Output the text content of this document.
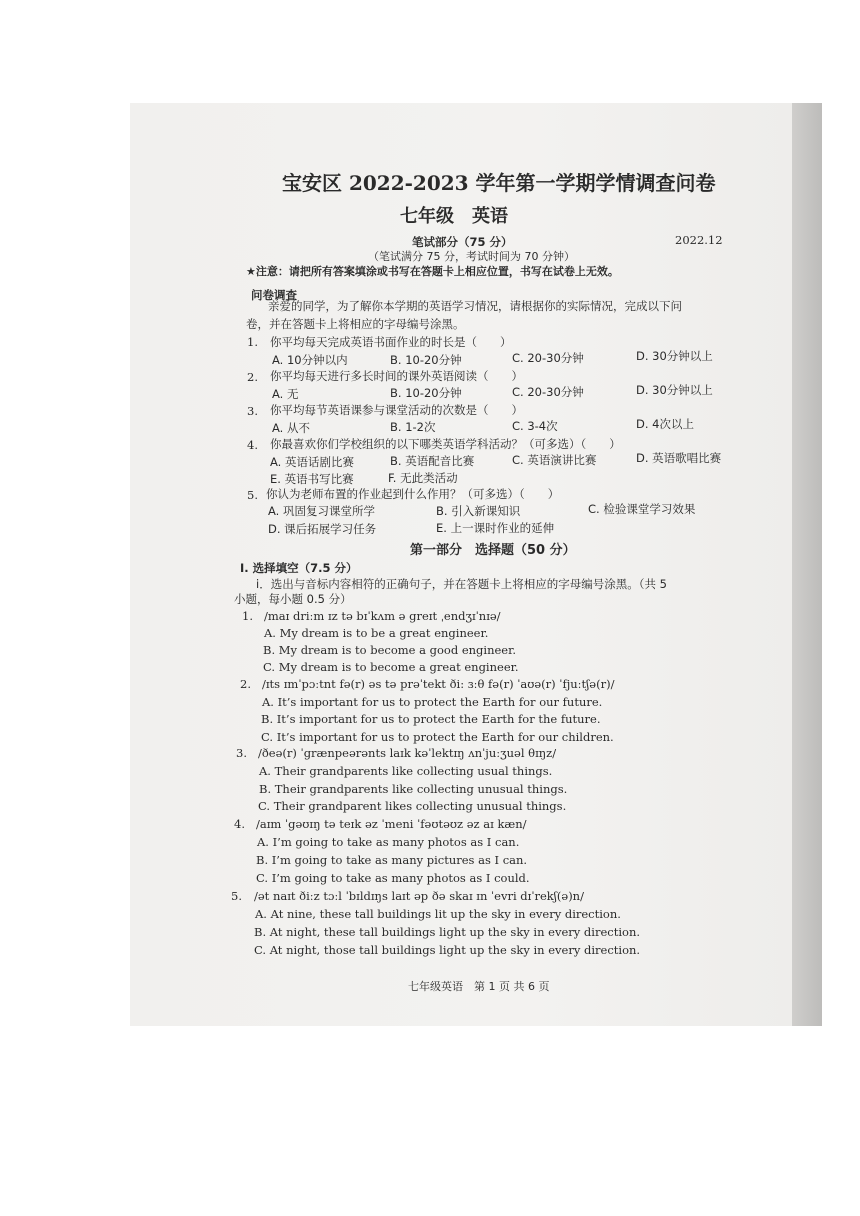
宝安区 2022-2023 学年第一学期学情调查问卷
七年级　英语
笔试部分（75 分）	2022.12
（笔试满分 75 分，考试时间为 70 分钟）
★注意：请把所有答案填涂或书写在答题卡上相应位置，书写在试卷上无效。
问卷调查
亲爱的同学，为了解你本学期的英语学习情况，请根据你的实际情况，完成以下问
卷，并在答题卡上将相应的字母编号涂黑。
1. 你平均每天完成英语书面作业的时长是（　　）
A. 10分钟以内	B. 10-20分钟	C. 20-30分钟	D. 30分钟以上
2. 你平均每天进行多长时间的课外英语阅读（　　）
A. 无	B. 10-20分钟	C. 20-30分钟	D. 30分钟以上
3. 你平均每节英语课参与课堂活动的次数是（　　）
A. 从不	B. 1-2次	C. 3-4次	D. 4次以上
4. 你最喜欢你们学校组织的以下哪类英语学科活动？（可多选）（　　）
A. 英语话剧比赛	B. 英语配音比赛	C. 英语演讲比赛	D. 英语歌唱比赛
E. 英语书写比赛	F. 无此类活动
5. 你认为老师布置的作业起到什么作用？（可多选）（　　）
A. 巩固复习课堂所学	B. 引入新课知识	C. 检验课堂学习效果
D. 课后拓展学习任务	E. 上一课时作业的延伸
第一部分　选择题（50 分）
I. 选择填空（7.5 分）
i．选出与音标内容相符的正确句子，并在答题卡上将相应的字母编号涂黑。（共 5
小题，每小题 0.5 分）
1. /maɪ driːm ɪz tə bɪˈkʌm ə greɪt ˌendʒɪˈnɪə/
A. My dream is to be a great engineer.
B. My dream is to become a good engineer.
C. My dream is to become a great engineer.
2. /ɪts ɪmˈpɔːtnt fə(r) əs tə prəˈtekt ði: ɜːθ fə(r) ˈaʊə(r) ˈfjuːtʃə(r)/
A. It’s important for us to protect the Earth for our future.
B. It’s important for us to protect the Earth for the future.
C. It’s important for us to protect the Earth for our children.
3. /ðeə(r) ˈgrænpeərənts laɪk kəˈlektɪŋ ʌnˈjuːʒuəl θɪŋz/
A. Their grandparents like collecting usual things.
B. Their grandparents like collecting unusual things.
C. Their grandparent likes collecting unusual things.
4. /aɪm ˈgəʊɪŋ tə teɪk əz ˈmeni ˈfəʊtəʊz əz aɪ kæn/
A. I’m going to take as many photos as I can.
B. I’m going to take as many pictures as I can.
C. I’m going to take as many photos as I could.
5. /ət naɪt ðiːz tɔːl ˈbɪldɪŋs laɪt əp ðə skaɪ ɪn ˈevri dɪˈrekʃ(ə)n/
A. At nine, these tall buildings lit up the sky in every direction.
B. At night, these tall buildings light up the sky in every direction.
C. At night, those tall buildings light up the sky in every direction.
七年级英语　第 1 页 共 6 页
